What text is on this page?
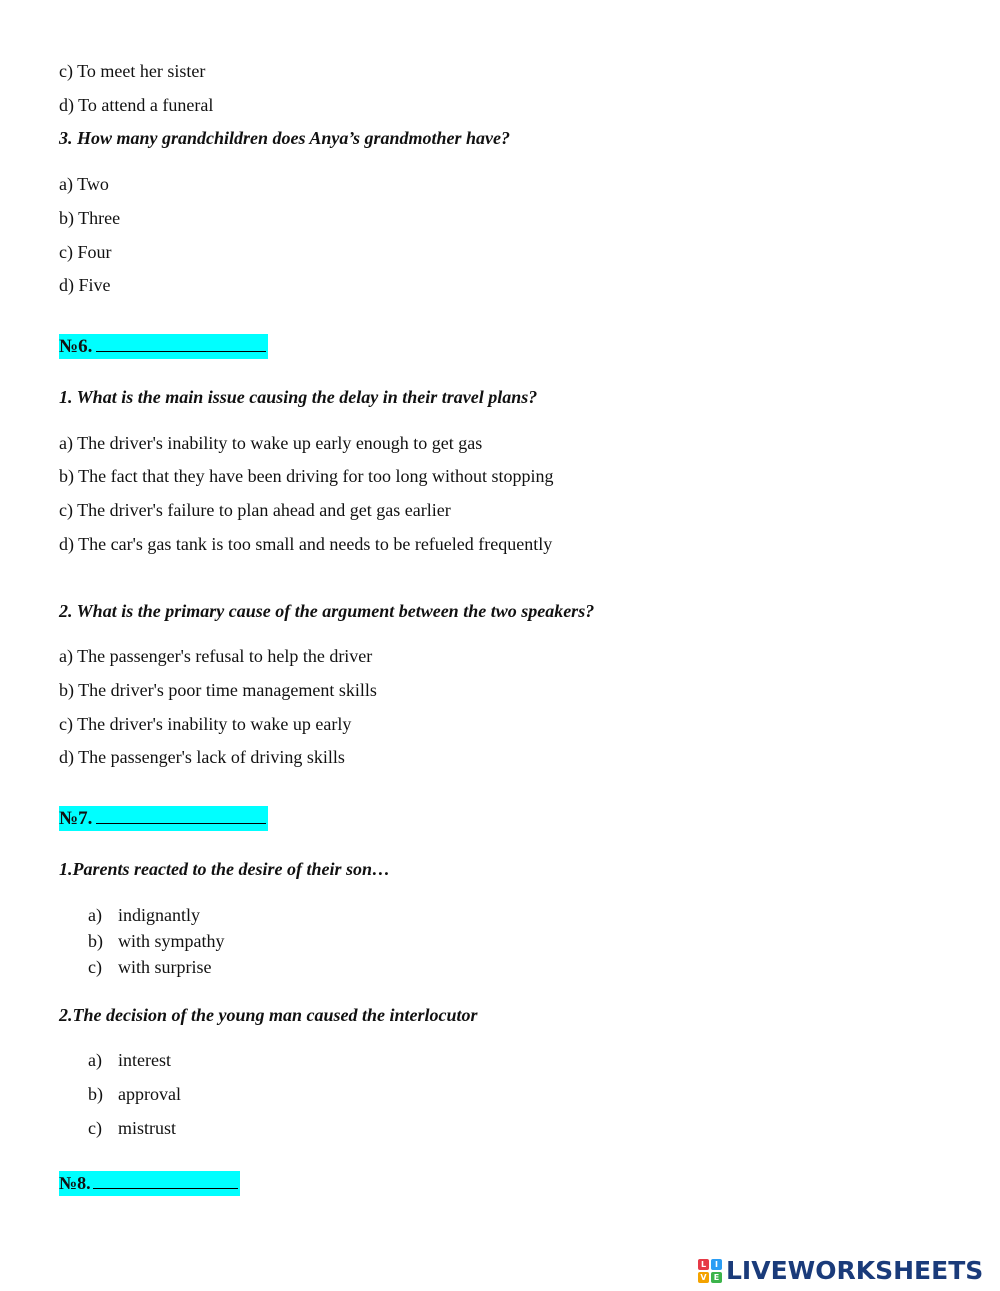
c) To meet her sister
d) To attend a funeral
3. How many grandchildren does Anya’s grandmother have?
a) Two
b) Three
c) Four
d) Five
№6.
1. What is the main issue causing the delay in their travel plans?
a) The driver's inability to wake up early enough to get gas
b) The fact that they have been driving for too long without stopping
c) The driver's failure to plan ahead and get gas earlier
d) The car's gas tank is too small and needs to be refueled frequently
2. What is the primary cause of the argument between the two speakers?
a) The passenger's refusal to help the driver
b) The driver's poor time management skills
c) The driver's inability to wake up early
d) The passenger's lack of driving skills
№7.
1.Parents reacted to the desire of their son…
a) indignantly
b) with sympathy
c) with surprise
2.The decision of the young man caused the interlocutor
a) interest
b) approval
c) mistrust
№8.
L	I
V E LIVEWORKSHEETS
